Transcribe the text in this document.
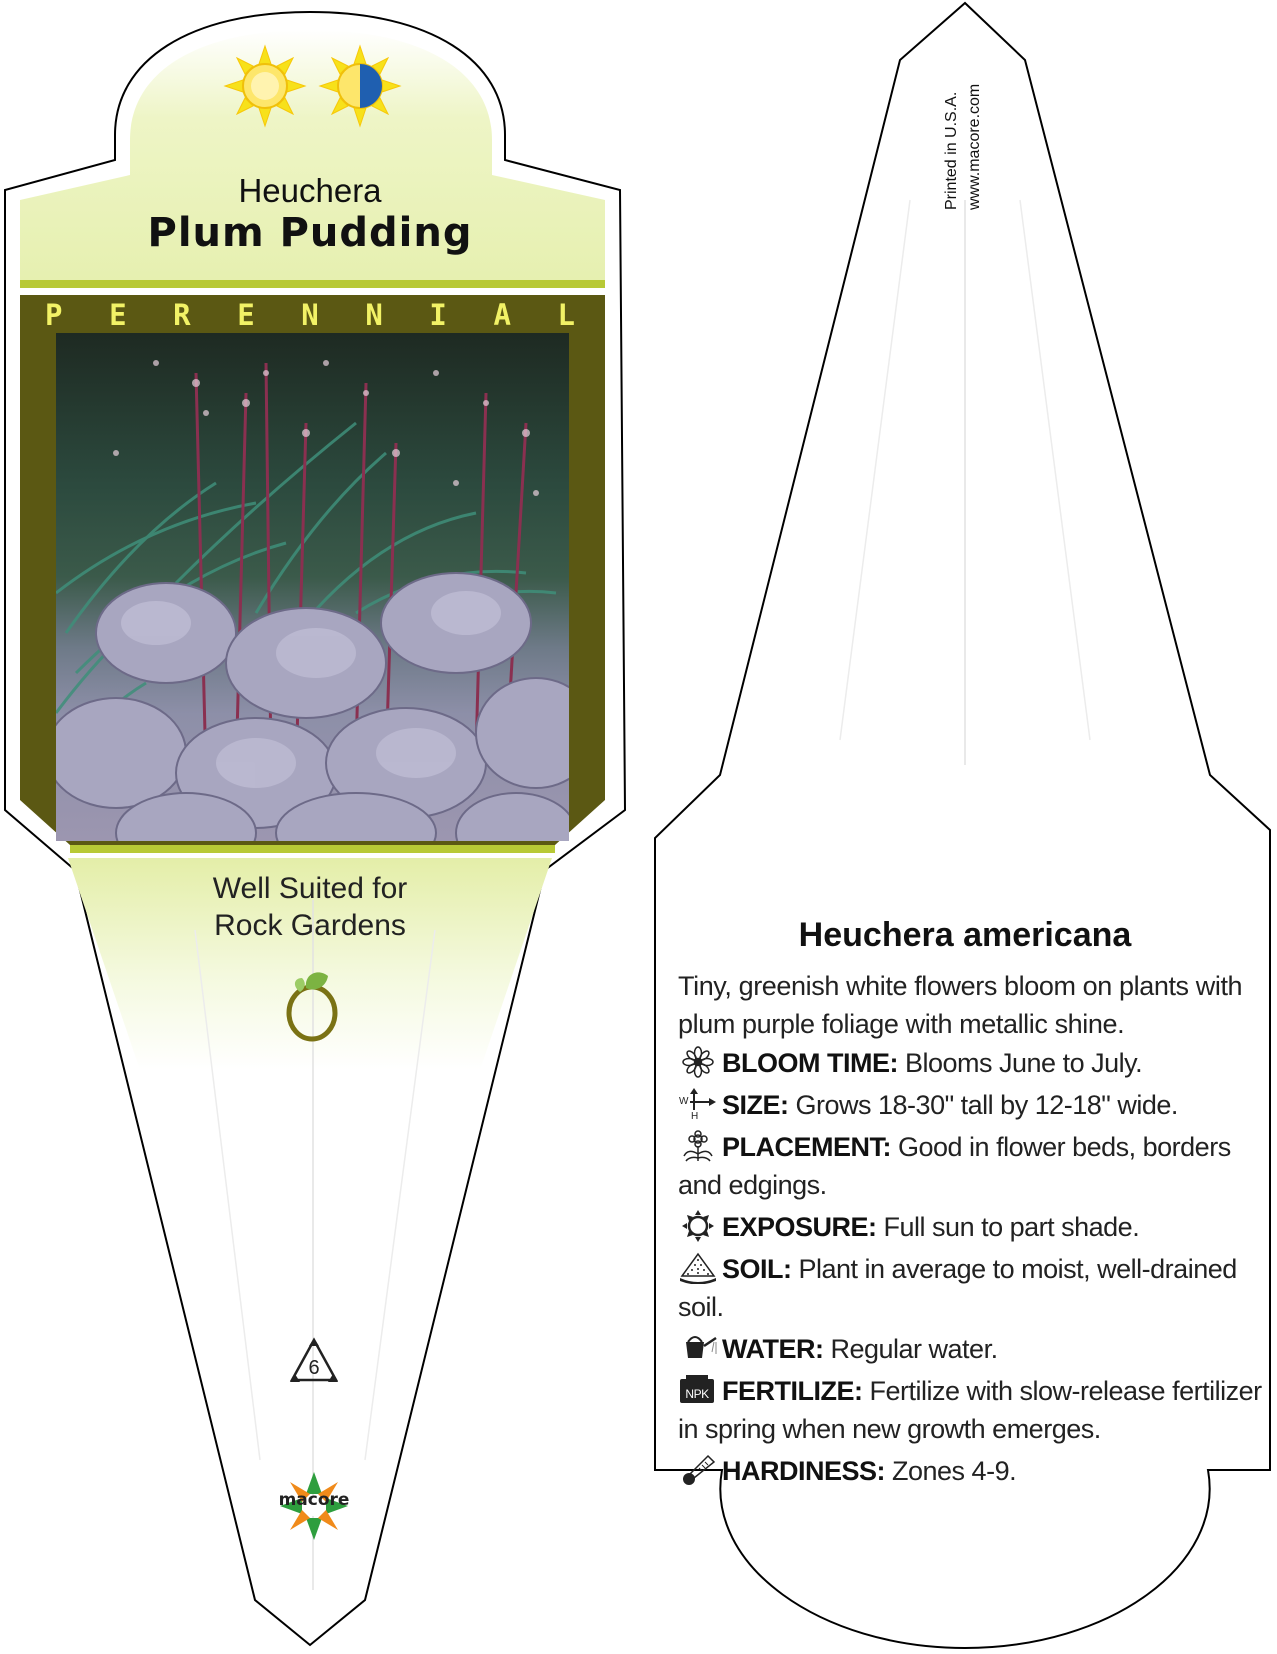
Heuchera
Plum Pudding
P E R E N N I A L
Well Suited for
Rock Gardens
6
macore
Printed in U.S.A. www.macore.com
Heuchera americana
Tiny, greenish white flowers bloom on plants with
plum purple foliage with metallic shine.
BLOOM TIME: Blooms June to July.
W
H SIZE: Grows 18-30" tall by 12-18" wide.
PLACEMENT: Good in flower beds, borders and edgings.
EXPOSURE: Full sun to part shade.
SOIL: Plant in average to moist, well-drained soil.
WATER: Regular water.
NPK FERTILIZE: Fertilize with slow-release fertilizer in spring when new growth emerges.
HARDINESS: Zones 4-9.
